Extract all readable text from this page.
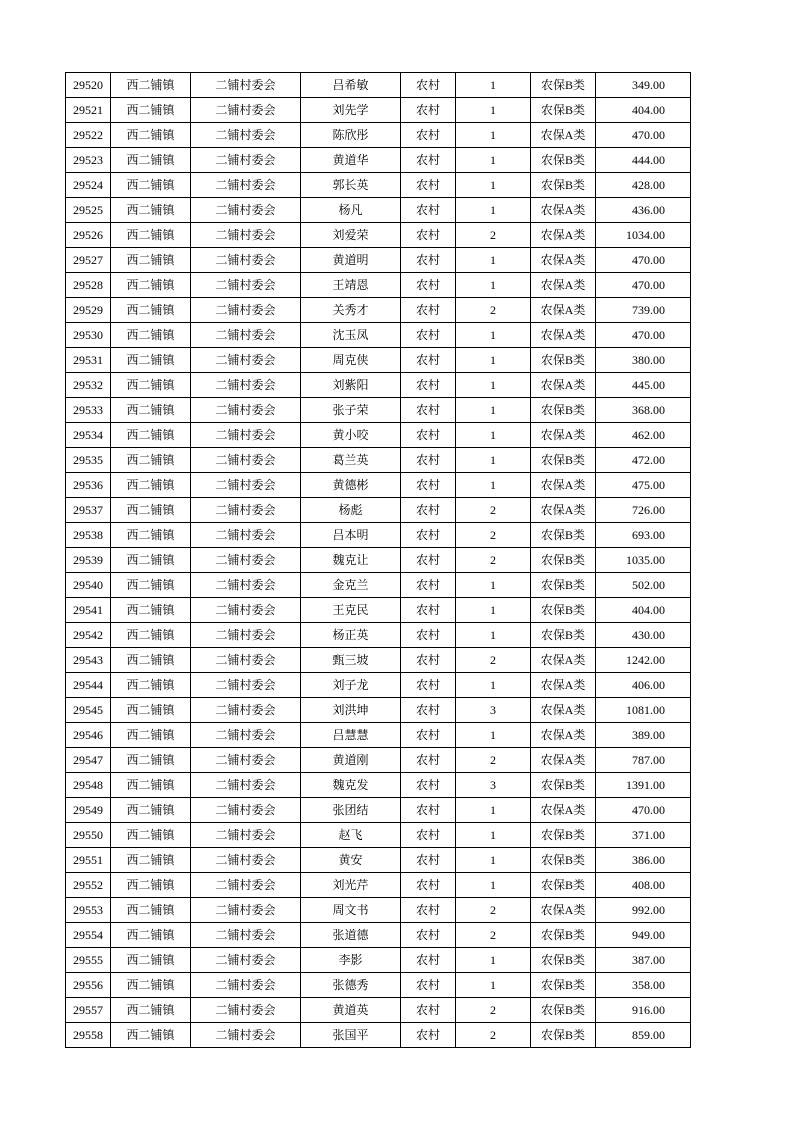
29520	西二铺镇	二铺村委会	吕希敏	农村	1	农保B类	349.00
29521	西二铺镇	二铺村委会	刘先学	农村	1	农保B类	404.00
29522	西二铺镇	二铺村委会	陈欣彤	农村	1	农保A类	470.00
29523	西二铺镇	二铺村委会	黄道华	农村	1	农保B类	444.00
29524	西二铺镇	二铺村委会	郭长英	农村	1	农保B类	428.00
29525	西二铺镇	二铺村委会	杨凡	农村	1	农保A类	436.00
29526	西二铺镇	二铺村委会	刘爱荣	农村	2	农保A类	1034.00
29527	西二铺镇	二铺村委会	黄道明	农村	1	农保A类	470.00
29528	西二铺镇	二铺村委会	王靖恩	农村	1	农保A类	470.00
29529	西二铺镇	二铺村委会	关秀才	农村	2	农保A类	739.00
29530	西二铺镇	二铺村委会	沈玉凤	农村	1	农保A类	470.00
29531	西二铺镇	二铺村委会	周克侠	农村	1	农保B类	380.00
29532	西二铺镇	二铺村委会	刘紫阳	农村	1	农保A类	445.00
29533	西二铺镇	二铺村委会	张子荣	农村	1	农保B类	368.00
29534	西二铺镇	二铺村委会	黄小咬	农村	1	农保A类	462.00
29535	西二铺镇	二铺村委会	葛兰英	农村	1	农保B类	472.00
29536	西二铺镇	二铺村委会	黄德彬	农村	1	农保A类	475.00
29537	西二铺镇	二铺村委会	杨彪	农村	2	农保A类	726.00
29538	西二铺镇	二铺村委会	吕本明	农村	2	农保B类	693.00
29539	西二铺镇	二铺村委会	魏克让	农村	2	农保B类	1035.00
29540	西二铺镇	二铺村委会	金克兰	农村	1	农保B类	502.00
29541	西二铺镇	二铺村委会	王克民	农村	1	农保B类	404.00
29542	西二铺镇	二铺村委会	杨正英	农村	1	农保B类	430.00
29543	西二铺镇	二铺村委会	甄三坡	农村	2	农保A类	1242.00
29544	西二铺镇	二铺村委会	刘子龙	农村	1	农保A类	406.00
29545	西二铺镇	二铺村委会	刘洪坤	农村	3	农保A类	1081.00
29546	西二铺镇	二铺村委会	吕慧慧	农村	1	农保A类	389.00
29547	西二铺镇	二铺村委会	黄道刚	农村	2	农保A类	787.00
29548	西二铺镇	二铺村委会	魏克发	农村	3	农保B类	1391.00
29549	西二铺镇	二铺村委会	张团结	农村	1	农保A类	470.00
29550	西二铺镇	二铺村委会	赵飞	农村	1	农保B类	371.00
29551	西二铺镇	二铺村委会	黄安	农村	1	农保B类	386.00
29552	西二铺镇	二铺村委会	刘光芹	农村	1	农保B类	408.00
29553	西二铺镇	二铺村委会	周文书	农村	2	农保A类	992.00
29554	西二铺镇	二铺村委会	张道德	农村	2	农保B类	949.00
29555	西二铺镇	二铺村委会	李影	农村	1	农保B类	387.00
29556	西二铺镇	二铺村委会	张德秀	农村	1	农保B类	358.00
29557	西二铺镇	二铺村委会	黄道英	农村	2	农保B类	916.00
29558	西二铺镇	二铺村委会	张国平	农村	2	农保B类	859.00
